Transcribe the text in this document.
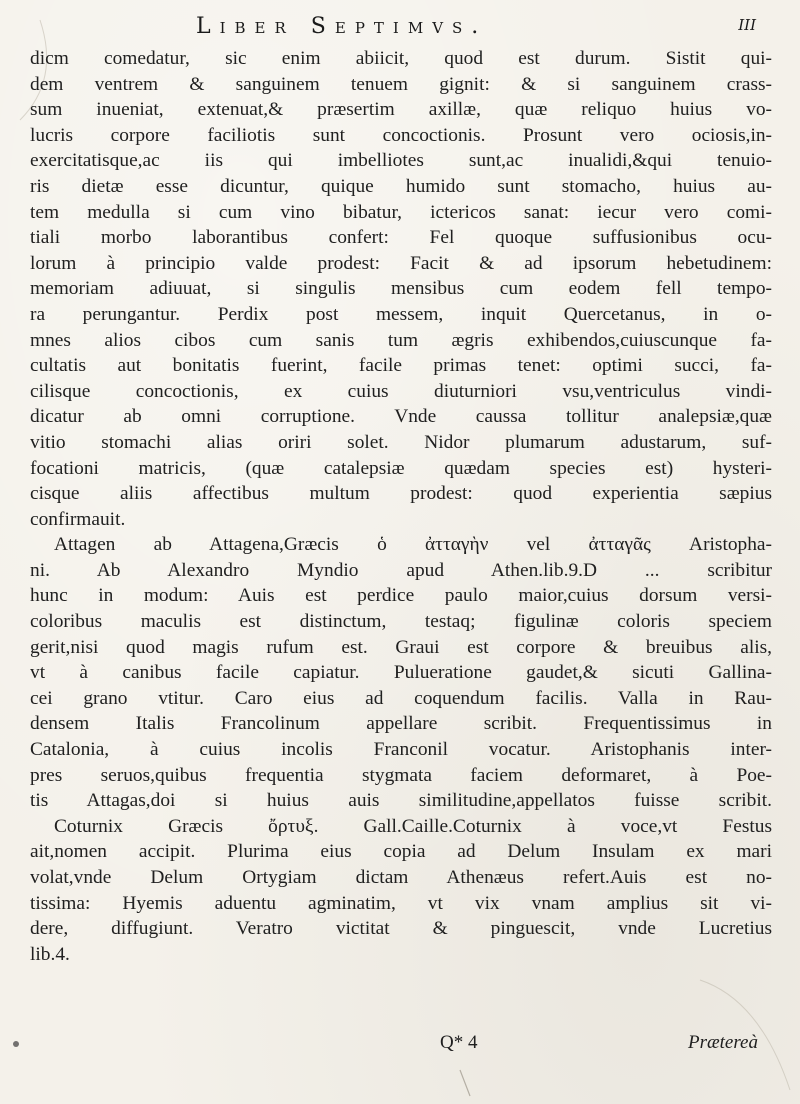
Liber Septimvs.	III
dicm comedatur, sic enim abiicit, quod est durum. Sistit qui-
dem ventrem & sanguinem tenuem gignit: & si sanguinem crass-
sum inueniat, extenuat,& præsertim axillæ, quæ reliquo huius vo-
lucris corpore faciliotis sunt concoctionis. Prosunt vero ociosis,in-
exercitatisque,ac iis qui imbelliotes sunt,ac inualidi,&qui tenuio-
ris dietæ esse dicuntur, quique humido sunt stomacho, huius au-
tem medulla si cum vino bibatur, ictericos sanat: iecur vero comi-
tiali morbo laborantibus confert: Fel quoque suffusionibus ocu-
lorum à principio valde prodest: Facit & ad ipsorum hebetudinem:
memoriam adiuuat, si singulis mensibus cum eodem fell tempo-
ra perungantur. Perdix post messem, inquit Quercetanus, in o-
mnes alios cibos cum sanis tum ægris exhibendos,cuiuscunque fa-
cultatis aut bonitatis fuerint, facile primas tenet: optimi succi, fa-
cilisque concoctionis, ex cuius diuturniori vsu,ventriculus vindi-
dicatur ab omni corruptione. Vnde caussa tollitur analepsiæ,quæ
vitio stomachi alias oriri solet. Nidor plumarum adustarum, suf-
focationi matricis, (quæ catalepsiæ quædam species est) hysteri-
cisque aliis affectibus multum prodest: quod experientia sæpius
confirmauit.
Attagen ab Attagena,Græcis ὁ ἀτταγὴν vel ἀτταγᾶς Aristopha-
ni. Ab Alexandro Myndio apud Athen.lib.9.D ... scribitur
hunc in modum: Auis est perdice paulo maior,cuius dorsum versi-
coloribus maculis est distinctum, testaq; figulinæ coloris speciem
gerit,nisi quod magis rufum est. Graui est corpore & breuibus alis,
vt à canibus facile capiatur. Pulueratione gaudet,& sicuti Gallina-
cei grano vtitur. Caro eius ad coquendum facilis. Valla in Rau-
densem Italis Francolinum appellare scribit. Frequentissimus in
Catalonia, à cuius incolis Franconil vocatur. Aristophanis inter-
pres seruos,quibus frequentia stygmata faciem deformaret, à Poe-
tis Attagas,doi si huius auis similitudine,appellatos fuisse scribit.
Coturnix Græcis ὄρτυξ. Gall.Caille.Coturnix à voce,vt Festus
ait,nomen accipit. Plurima eius copia ad Delum Insulam ex mari
volat,vnde Delum Ortygiam dictam Athenæus refert.Auis est no-
tissima: Hyemis aduentu agminatim, vt vix vnam amplius sit vi-
dere, diffugiunt. Veratro victitat & pinguescit, vnde Lucretius
lib.4.
Q* 4	Prætereà
